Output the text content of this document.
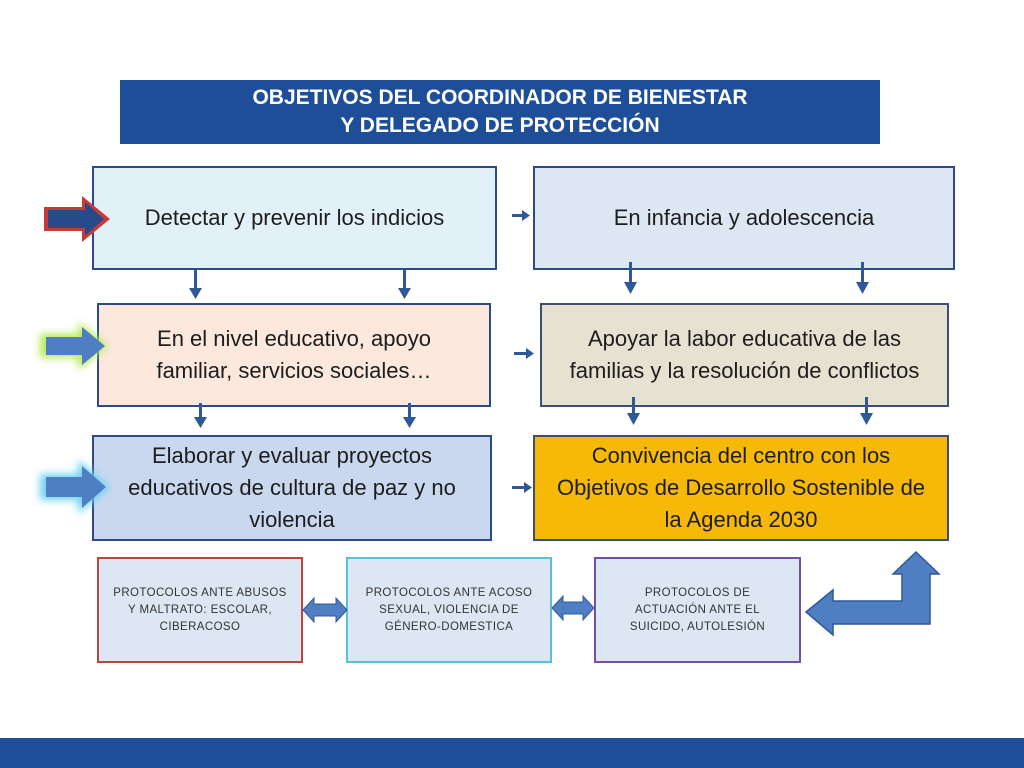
OBJETIVOS DEL COORDINADOR DE BIENESTAR
Y DELEGADO DE PROTECCIÓN
Detectar y prevenir los indicios	En infancia y adolescencia
En el nivel educativo, apoyo familiar, servicios sociales…
Apoyar la labor educativa de las familias y la resolución de conflictos
Elaborar y evaluar proyectos educativos de cultura de paz y no violencia
Convivencia del centro con los Objetivos de Desarrollo Sostenible de la Agenda 2030
PROTOCOLOS ANTE ABUSOS Y MALTRATO: ESCOLAR, CIBERACOSO
PROTOCOLOS ANTE ACOSO SEXUAL, VIOLENCIA DE GÉNERO-DOMESTICA
PROTOCOLOS DE ACTUACIÓN ANTE EL SUICIDO, AUTOLESIÓN
